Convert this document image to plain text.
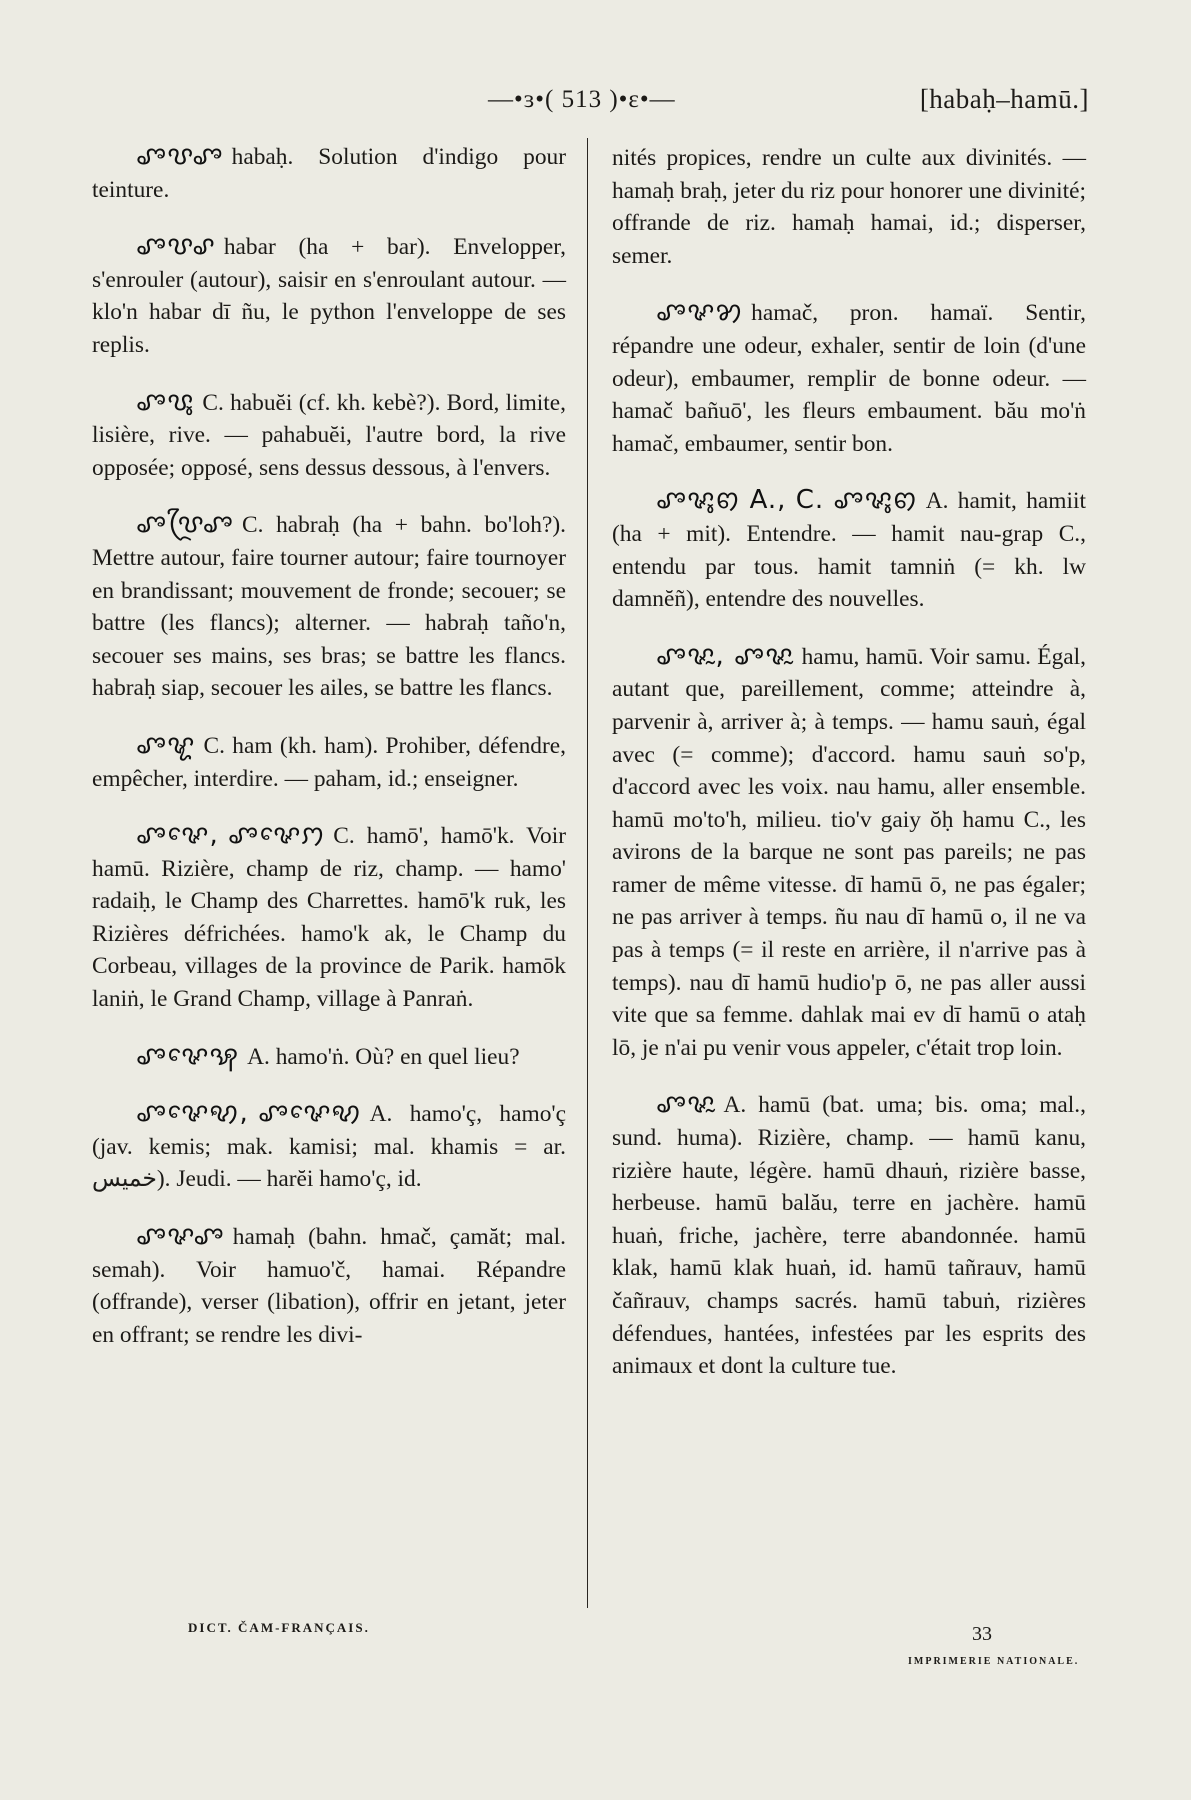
—•ɜ•( 513 )•ɛ•—	[habaḥ–hamū.]

ꨨꨝꨨ habaḥ. Solution d'indigo pour teinture.

ꨨꨝꨣ habar (ha + bar). Envelopper, s'enrouler (autour), saisir en s'enroulant autour. — klo'n habar dī ñu, le python l'enveloppe de ses replis.

ꨨꨝꨶ C. habuĕi (cf. kh. kebè?). Bord, limite, lisière, rive. — pahabuĕi, l'autre bord, la rive opposée; opposé, sens dessus dessous, à l'envers.

ꨨꨝꨴꨨ C. habraḥ (ha + bahn. bo'loh?). Mettre autour, faire tourner autour; faire tournoyer en brandissant; mouvement de fronde; secouer; se battre (les flancs); alterner. — habraḥ taño'n, secouer ses mains, ses bras; se battre les flancs. habraḥ siap, secouer les ailes, se battre les flancs.

ꨨꨠ C. ham (kh. ham). Prohiber, défendre, empêcher, interdire. — paham, id.; enseigner.

ꨨꨟꨯ, ꨨꨟꨯꩀ C. hamō', hamō'k. Voir hamū. Rizière, champ de riz, champ. — hamo' radaiḥ, le Champ des Charrettes. hamō'k ruk, les Rizières défrichées. hamo'k ak, le Champ du Corbeau, villages de la province de Parik. hamōk laniṅ, le Grand Champ, village à Panraṅ.

ꨨꨟꨯꩂ A. hamo'ṅ. Où? en quel lieu?

ꨨꨟꨯꩋ, ꨨꨟꨯꩋ A. hamo'ç, hamo'ç (jav. kemis; mak. kamisi; mal. khamis = ar. خميس). Jeudi. — harĕi hamo'ç, id.

ꨨꨟꨨ hamaḥ (bahn. hmač, çamăt; mal. semah). Voir hamuo'č, hamai. Répandre (offrande), verser (libation), offrir en jetant, jeter en offrant; se rendre les divi-

nités propices, rendre un culte aux divinités. — hamaḥ braḥ, jeter du riz pour honorer une divinité; offrande de riz. hamaḥ hamai, id.; disperser, semer.

ꨨꨟꩄ hamač, pron. hamaï. Sentir, répandre une odeur, exhaler, sentir de loin (d'une odeur), embaumer, remplir de bonne odeur. — hamač bañuō', les fleurs embaument. bău mo'ṅ hamač, embaumer, sentir bon.

ꨨꨟꨶꩅ A., C. ꨨꨟꨶꩅ A. hamit, hamiit (ha + mit). Entendre. — hamit nau-grap C., entendu par tous. hamit tamniṅ (= kh. lw damnĕñ), entendre des nouvelles.

ꨨꨟꨭ, ꨨꨟꨭ hamu, hamū. Voir samu. Égal, autant que, pareillement, comme; atteindre à, parvenir à, arriver à; à temps. — hamu sauṅ, égal avec (= comme); d'accord. hamu sauṅ so'p, d'accord avec les voix. nau hamu, aller ensemble. hamū mo'to'h, milieu. tio'v gaiy ŏḥ hamu C., les avirons de la barque ne sont pas pareils; ne pas ramer de même vitesse. dī hamū ō, ne pas égaler; ne pas arriver à temps. ñu nau dī hamū o, il ne va pas à temps (= il reste en arrière, il n'arrive pas à temps). nau dī hamū hudio'p ō, ne pas aller aussi vite que sa femme. dahlak mai ev dī hamū o ataḥ lō, je n'ai pu venir vous appeler, c'était trop loin.

ꨨꨟꨭ A. hamū (bat. uma; bis. oma; mal., sund. huma). Rizière, champ. — hamū kanu, rizière haute, légère. hamū dhauṅ, rizière basse, herbeuse. hamū balău, terre en jachère. hamū huaṅ, friche, jachère, terre abandonnée. hamū klak, hamū klak huaṅ, id. hamū tañrauv, hamū čañrauv, champs sacrés. hamū tabuṅ, rizières défendues, hantées, infestées par les esprits des animaux et dont la culture tue.

DICT. ČAM-FRANÇAIS.	33
IMPRIMERIE NATIONALE.
